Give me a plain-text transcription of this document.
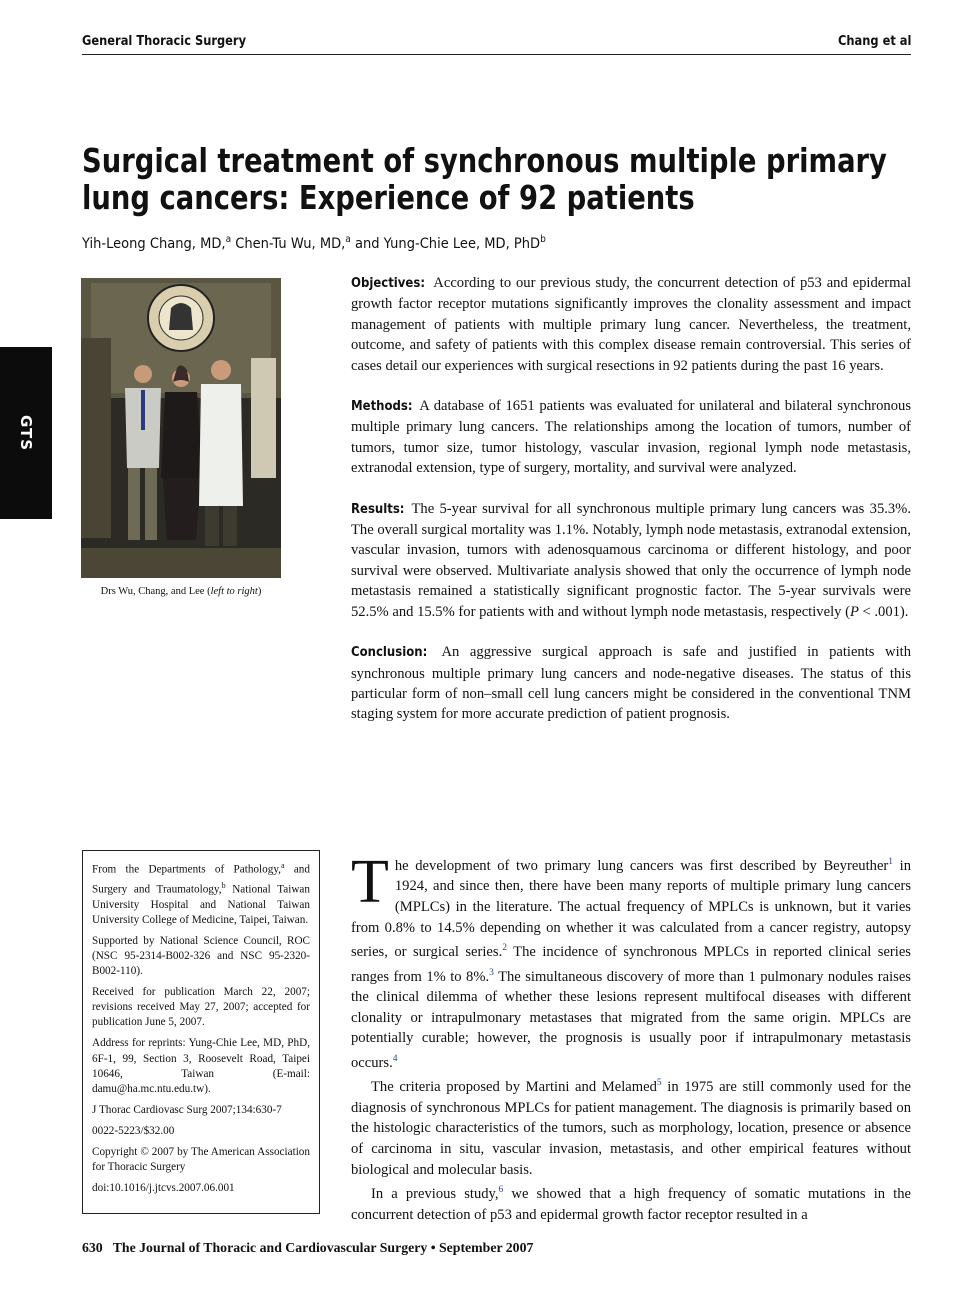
General Thoracic Surgery	Chang et al
GTS
Surgical treatment of synchronous multiple primary lung cancers: Experience of 92 patients
Yih-Leong Chang, MD,$^a$ Chen-Tu Wu, MD,$^a$ and Yung-Chie Lee, MD, PhD$^b$
Drs Wu, Chang, and Lee (left to right)

Objectives: According to our previous study, the concurrent detection of p53 and epidermal growth factor receptor mutations significantly improves the clonality assessment and impact management of patients with multiple primary lung cancer. Nevertheless, the treatment, outcome, and safety of patients with this complex disease remain controversial. This series of cases detail our experiences with surgical resections in 92 patients during the past 16 years.

Methods: A database of 1651 patients was evaluated for unilateral and bilateral synchronous multiple primary lung cancers. The relationships among the location of tumors, number of tumors, tumor size, tumor histology, vascular invasion, regional lymph node metastasis, extranodal extension, type of surgery, mortality, and survival were analyzed.

Results: The 5-year survival for all synchronous multiple primary lung cancers was 35.3%. The overall surgical mortality was 1.1%. Notably, lymph node metastasis, extranodal extension, vascular invasion, tumors with adenosquamous carcinoma or different histology, and poor survival were observed. Multivariate analysis showed that only the occurrence of lymph node metastasis remained a statistically significant prognostic factor. The 5-year survivals were 52.5% and 15.5% for patients with and without lymph node metastasis, respectively (P < .001).

Conclusion: An aggressive surgical approach is safe and justified in patients with synchronous multiple primary lung cancers and node-negative diseases. The status of this particular form of non–small cell lung cancers might be considered in the conventional TNM staging system for more accurate prediction of patient prognosis.

From the Departments of Pathology,$^a$ and Surgery and Traumatology,$^b$ National Taiwan University Hospital and National Taiwan University College of Medicine, Taipei, Taiwan.

Supported by National Science Council, ROC (NSC 95-2314-B002-326 and NSC 95-2320-B002-110).

Received for publication March 22, 2007; revisions received May 27, 2007; accepted for publication June 5, 2007.

Address for reprints: Yung-Chie Lee, MD, PhD, 6F-1, 99, Section 3, Roosevelt Road, Taipei 10646, Taiwan (E-mail: damu@ha.mc.ntu.edu.tw).

J Thorac Cardiovasc Surg 2007;134:630-7

0022-5223/$32.00

Copyright © 2007 by The American Association for Thoracic Surgery

doi:10.1016/j.jtcvs.2007.06.001

The development of two primary lung cancers was first described by Beyreuther$^1$ in 1924, and since then, there have been many reports of multiple primary lung cancers (MPLCs) in the literature. The actual frequency of MPLCs is unknown, but it varies from 0.8% to 14.5% depending on whether it was calculated from a cancer registry, autopsy series, or surgical series.$^2$ The incidence of synchronous MPLCs in reported clinical series ranges from 1% to 8%.$^3$ The simultaneous discovery of more than 1 pulmonary nodules raises the clinical dilemma of whether these lesions represent multifocal diseases with different clonality or intrapulmonary metastases that migrated from the same origin. MPLCs are potentially curable; however, the prognosis is usually poor if intrapulmonary metastasis occurs.$^4$

The criteria proposed by Martini and Melamed$^5$ in 1975 are still commonly used for the diagnosis of synchronous MPLCs for patient management. The diagnosis is primarily based on the histologic characteristics of the tumors, such as morphology, location, presence or absence of carcinoma in situ, vascular invasion, metastasis, and other empirical features without biological and molecular basis.

In a previous study,$^6$ we showed that a high frequency of somatic mutations in the concurrent detection of p53 and epidermal growth factor receptor resulted in a

630 The Journal of Thoracic and Cardiovascular Surgery • September 2007
